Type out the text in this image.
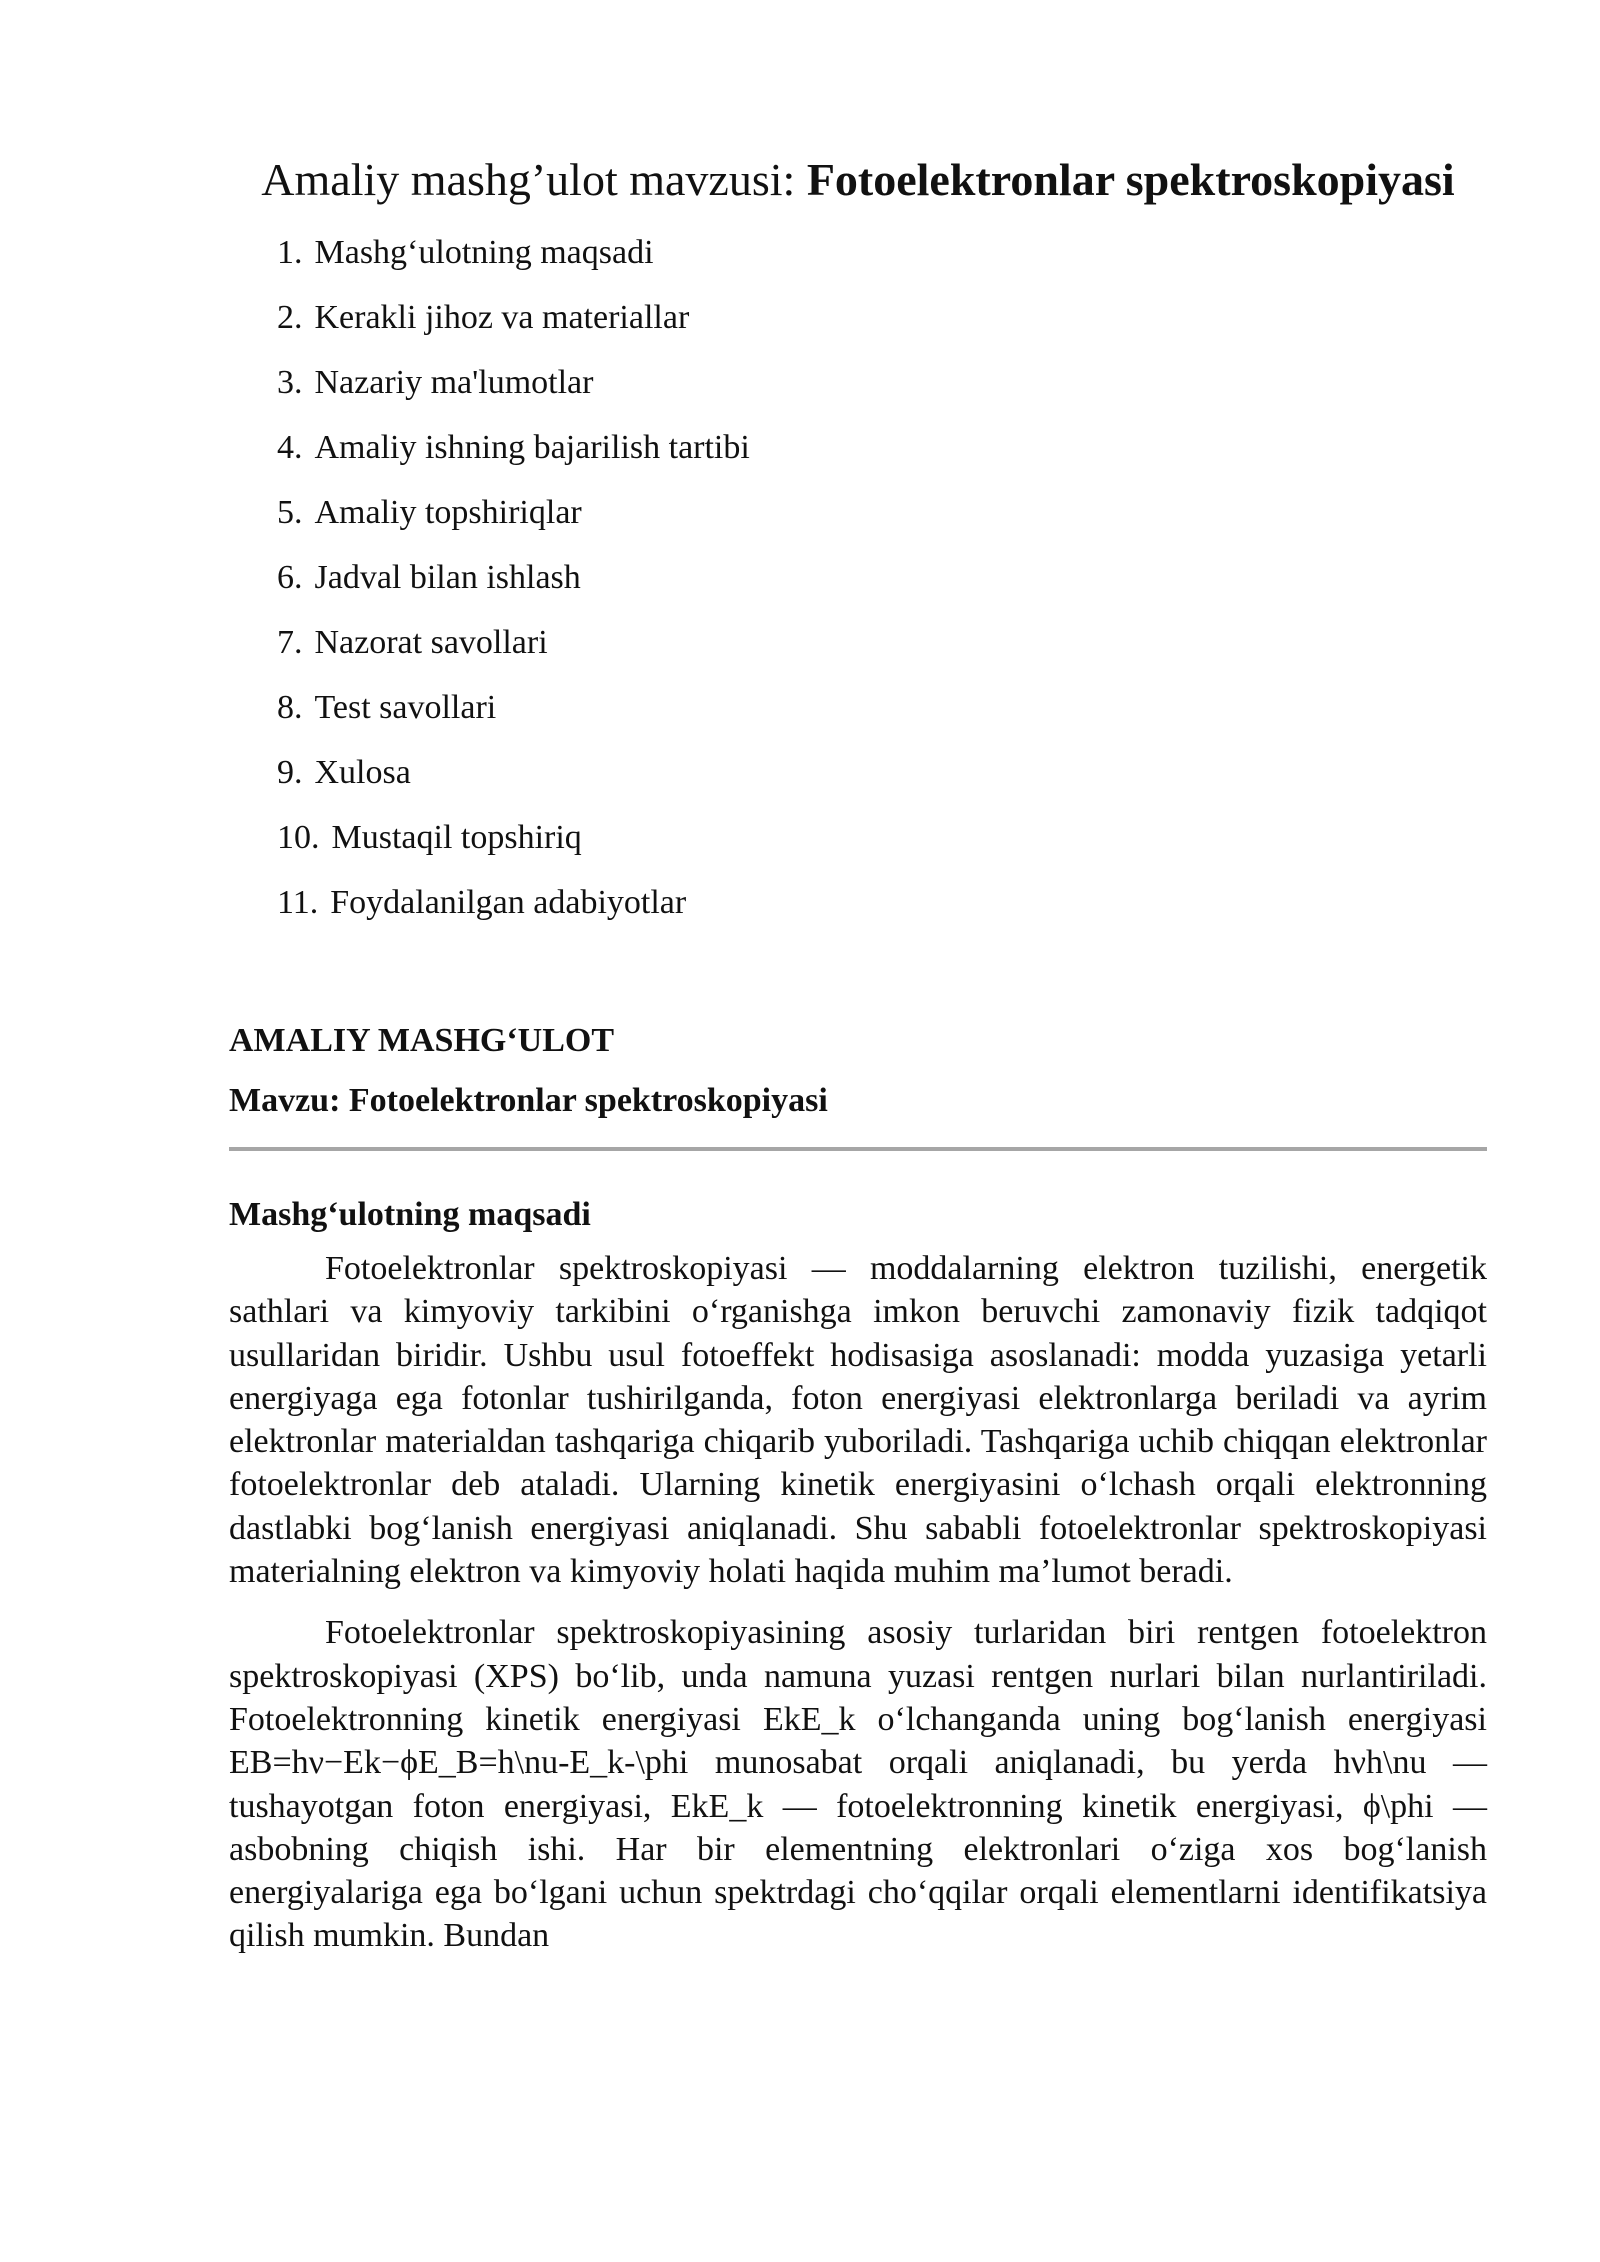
Amaliy mashg’ulot mavzusi: Fotoelektronlar spektroskopiyasi
1. Mashg‘ulotning maqsadi
2. Kerakli jihoz va materiallar
3. Nazariy ma'lumotlar
4. Amaliy ishning bajarilish tartibi
5. Amaliy topshiriqlar
6. Jadval bilan ishlash
7. Nazorat savollari
8. Test savollari
9. Xulosa
10. Mustaqil topshiriq
11. Foydalanilgan adabiyotlar
AMALIY MASHG‘ULOT
Mavzu: Fotoelektronlar spektroskopiyasi
Mashg‘ulotning maqsadi

Fotoelektronlar spektroskopiyasi — moddalarning elektron tuzilishi, energetik sathlari va kimyoviy tarkibini o‘rganishga imkon beruvchi zamonaviy fizik tadqiqot usullaridan biridir. Ushbu usul fotoeffekt hodisasiga asoslanadi: modda yuzasiga yetarli energiyaga ega fotonlar tushirilganda, foton energiyasi elektronlarga beriladi va ayrim elektronlar materialdan tashqariga chiqarib yuboriladi. Tashqariga uchib chiqqan elektronlar fotoelektronlar deb ataladi. Ularning kinetik energiyasini o‘lchash orqali elektronning dastlabki bog‘lanish energiyasi aniqlanadi. Shu sababli fotoelektronlar spektroskopiyasi materialning elektron va kimyoviy holati haqida muhim ma’lumot beradi.

Fotoelektronlar spektroskopiyasining asosiy turlaridan biri rentgen fotoelektron spektroskopiyasi (XPS) bo‘lib, unda namuna yuzasi rentgen nurlari bilan nurlantiriladi. Fotoelektronning kinetik energiyasi EkE_k o‘lchanganda uning bog‘lanish energiyasi EB=hν−Ek−ϕE_B=h\nu-E_k-\phi munosabat orqali aniqlanadi, bu yerda hνh\nu — tushayotgan foton energiyasi, EkE_k — fotoelektronning kinetik energiyasi, ϕ\phi — asbobning chiqish ishi. Har bir elementning elektronlari o‘ziga xos bog‘lanish energiyalariga ega bo‘lgani uchun spektrdagi cho‘qqilar orqali elementlarni identifikatsiya qilish mumkin. Bundan
